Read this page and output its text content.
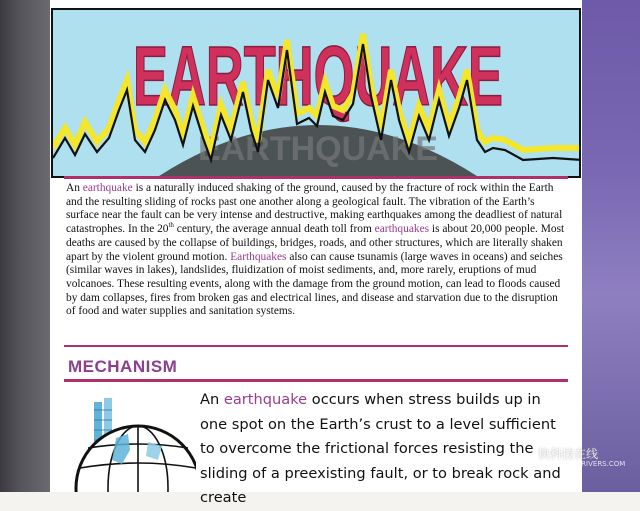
EARTHQUAKE
EARTHQUAKE

An earthquake is a naturally induced shaking of the ground, caused by the fracture of rock within the Earth and the resulting sliding of rocks past one another along a geological fault. The vibration of the Earth’s surface near the fault can be very intense and destructive, making earthquakes among the deadliest of natural catastrophes. In the 20th century, the average annual death toll from earthquakes is about 20,000 people. Most deaths are caused by the collapse of buildings, bridges, roads, and other structures, which are literally shaken apart by the violent ground motion. Earthquakes also can cause tsunamis (large waves in oceans) and seiches (similar waves in lakes), landslides, fluidization of moist sediments, and, more rarely, eruptions of mud volcanoes. These resulting events, along with the damage from the ground motion, can lead to floods caused by dam collapses, fires from broken gas and electrical lines, and disease and starvation due to the disruption of food and water supplies and sanitation systems.

MECHANISM

An earthquake occurs when stress builds up in one spot on the Earth’s crust to a level sufficient to overcome the frictional forces resisting the sliding of a preexisting fault, or to break rock and create

快科技在线
KKJ.MYDRIVERS.COM
